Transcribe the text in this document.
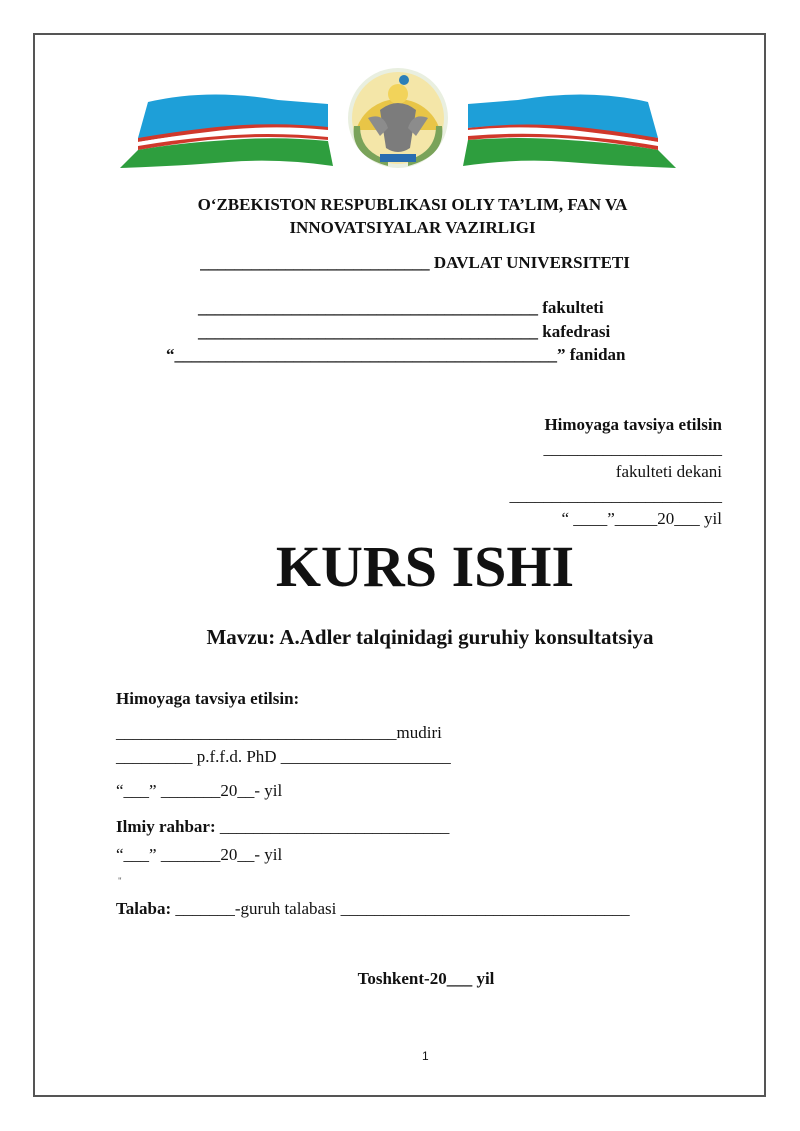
O‘ZBEKISTON RESPUBLIKASI OLIY TA’LIM, FAN VA
INNOVATSIYALAR VAZIRLIGI
___________________________ DAVLAT UNIVERSITETI
________________________________________ fakulteti
________________________________________ kafedrasi
“_____________________________________________” fanidan
Himoyaga tavsiya etilsin
_____________________
fakulteti dekani
_________________________
“ ____”_____20___ yil
KURS ISHI
Mavzu: A.Adler talqinidagi guruhiy konsultatsiya
Himoyaga tavsiya etilsin:
_________________________________mudiri
_________ p.f.f.d. PhD ____________________
“___” _______20__- yil
Ilmiy rahbar: ___________________________
“___” _______20__- yil
"
Talaba: _______-guruh talabasi __________________________________
Toshkent-20___ yil
1
